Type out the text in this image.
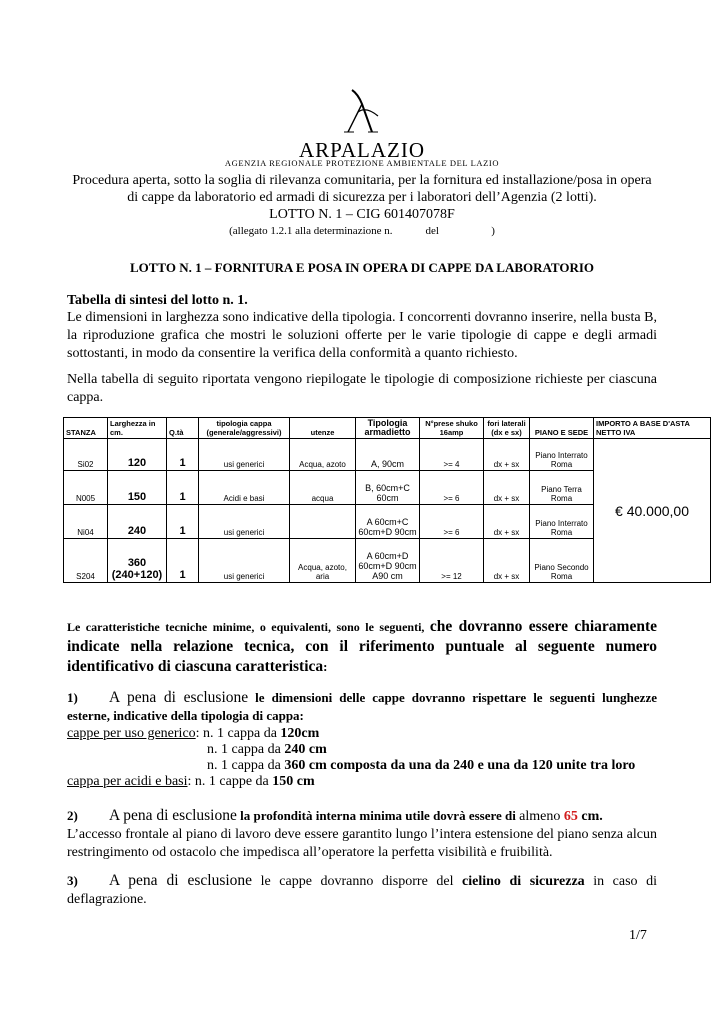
ARPALAZIO
AGENZIA REGIONALE PROTEZIONE AMBIENTALE DEL LAZIO
Procedura aperta, sotto la soglia di rilevanza comunitaria, per la fornitura ed installazione/posa in opera
di cappe da laboratorio ed armadi di sicurezza per i laboratori dell’Agenzia (2 lotti).
LOTTO N. 1 – CIG 601407078F
(allegato 1.2.1 alla determinazione n.            del                   )
LOTTO N. 1 – FORNITURA E POSA IN OPERA DI CAPPE DA LABORATORIO
Tabella di sintesi del lotto n. 1.
Le dimensioni in larghezza sono indicative della tipologia. I concorrenti dovranno inserire, nella busta B, la riproduzione grafica che mostri le soluzioni offerte per le varie tipologie di cappe e degli armadi sottostanti, in modo da consentire la verifica della conformità a quanto richiesto.
Nella tabella di seguito riportata vengono riepilogate le tipologie di composizione richieste per ciascuna cappa.
STANZA	Larghezza in cm.	Q.tà	tipologia cappa (generale/aggressivi)	utenze	Tipologia armadietto	N°prese shuko 16amp	fori laterali (dx e sx)	PIANO E SEDE	IMPORTO A BASE D'ASTA NETTO IVA
Si02	120	1	usi generici	Acqua, azoto	A, 90cm	>= 4	dx + sx	Piano Interrato Roma	€ 40.000,00
N005	150	1	Acidi e basi	acqua	B, 60cm+C 60cm	>= 6	dx + sx	Piano Terra Roma	
Ni04	240	1	usi generici		A 60cm+C 60cm+D 90cm	>= 6	dx + sx	Piano Interrato Roma	
S204	360 (240+120)	1	usi generici	Acqua, azoto, aria	A 60cm+D 60cm+D 90cm A90 cm	>= 12	dx + sx	Piano Secondo Roma	
Le caratteristiche tecniche minime, o equivalenti, sono le seguenti, che dovranno essere chiaramente indicate nella relazione tecnica, con il riferimento puntuale al seguente numero identificativo di ciascuna caratteristica:
1) A pena di esclusione le dimensioni delle cappe dovranno rispettare le seguenti lunghezze esterne, indicative della tipologia di cappa:
cappe per uso generico: n. 1 cappa da 120cm
n. 1 cappa da 240 cm
n. 1 cappa da 360 cm composta da una da 240 e una da 120 unite tra loro
cappa per acidi e basi: n. 1 cappe da 150 cm
2) A pena di esclusione la profondità interna minima utile dovrà essere di almeno 65 cm.
L’accesso frontale al piano di lavoro deve essere garantito lungo l’intera estensione del piano senza alcun restringimento od ostacolo che impedisca all’operatore la perfetta visibilità e fruibilità.
3) A pena di esclusione le cappe dovranno disporre del cielino di sicurezza in caso di deflagrazione.
1/7
